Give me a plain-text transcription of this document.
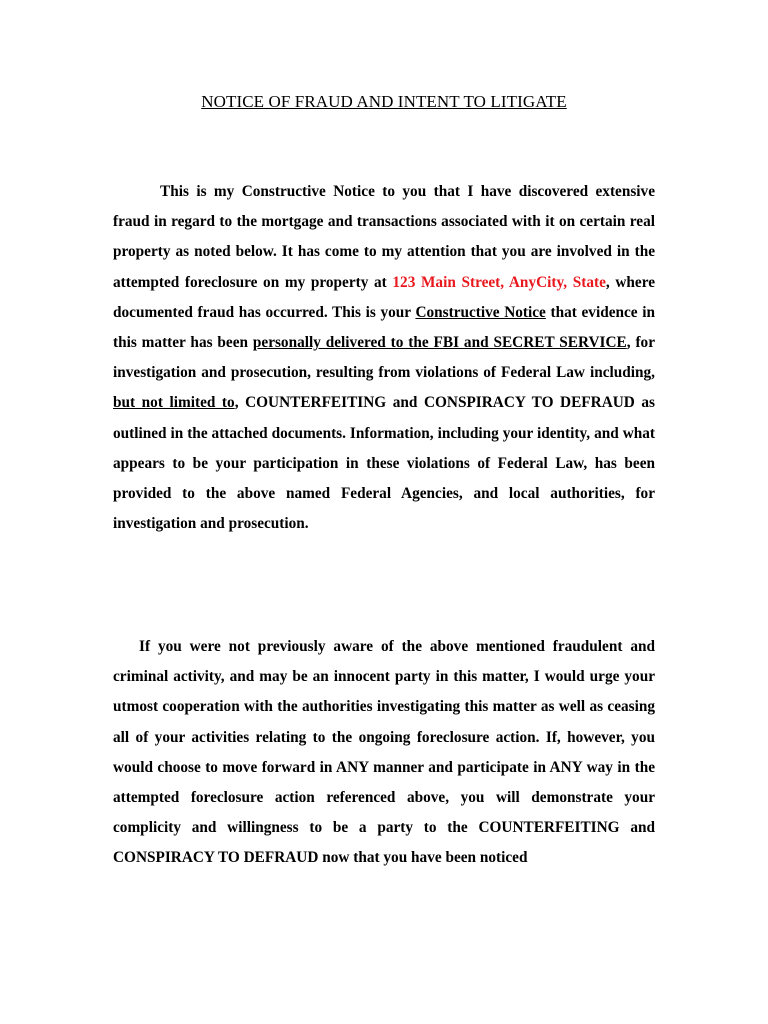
NOTICE OF FRAUD AND INTENT TO LITIGATE

This is my Constructive Notice to you that I have discovered extensive fraud in regard to the mortgage and transactions associated with it on certain real property as noted below. It has come to my attention that you are involved in the attempted foreclosure on my property at 123 Main Street, AnyCity, State, where documented fraud has occurred. This is your Constructive Notice that evidence in this matter has been personally delivered to the FBI and SECRET SERVICE, for investigation and prosecution, resulting from violations of Federal Law including, but not limited to, COUNTERFEITING and CONSPIRACY TO DEFRAUD as outlined in the attached documents. Information, including your identity, and what appears to be your participation in these violations of Federal Law, has been provided to the above named Federal Agencies, and local authorities, for investigation and prosecution.

If you were not previously aware of the above mentioned fraudulent and criminal activity, and may be an innocent party in this matter, I would urge your utmost cooperation with the authorities investigating this matter as well as ceasing all of your activities relating to the ongoing foreclosure action. If, however, you would choose to move forward in ANY manner and participate in ANY way in the attempted foreclosure action referenced above, you will demonstrate your complicity and willingness to be a party to the COUNTERFEITING and CONSPIRACY TO DEFRAUD now that you have been noticed
